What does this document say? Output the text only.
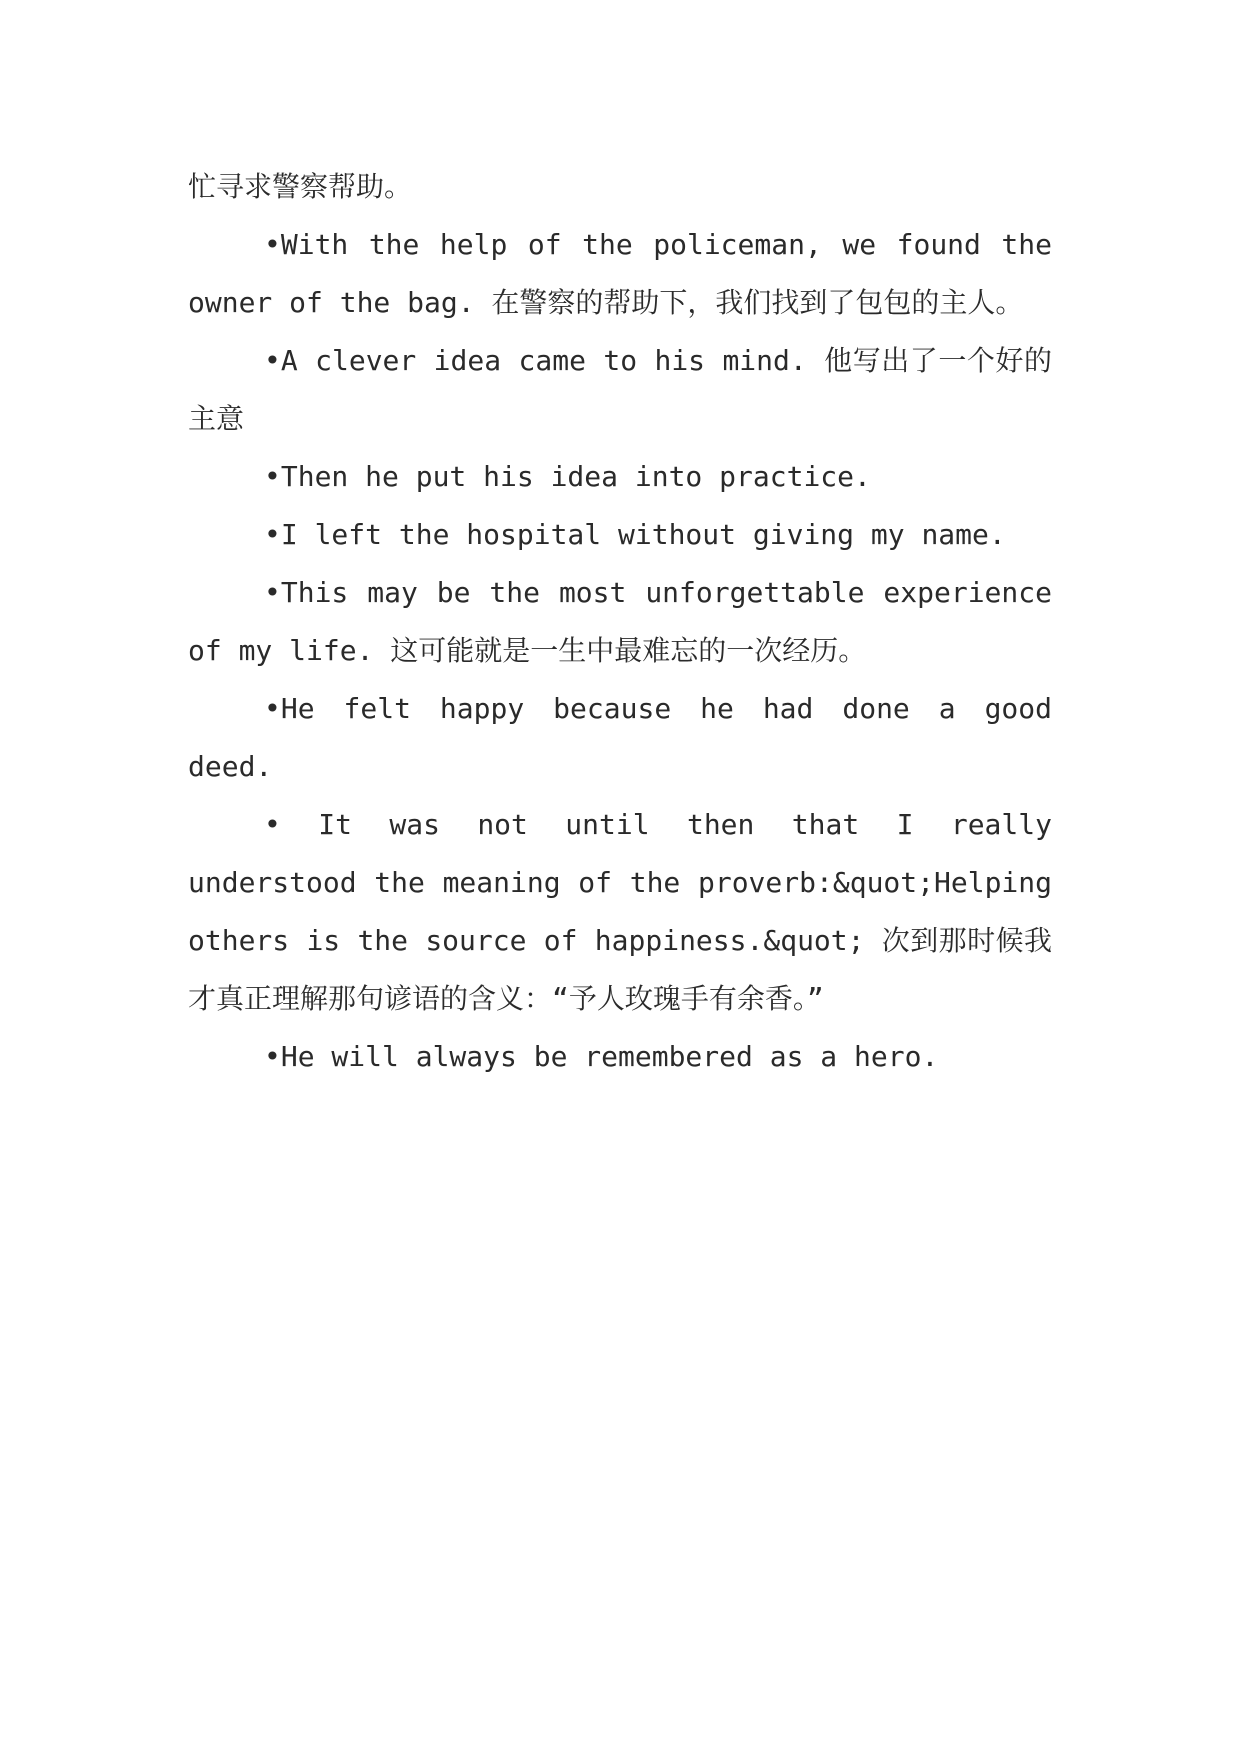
忙寻求警察帮助。

•With the help of the policeman, we found the owner of the bag. 在警察的帮助下，我们找到了包包的主人。

•A clever idea came to his mind. 他写出了一个好的主意

•Then he put his idea into practice.

•I left the hospital without giving my name.

•This may be the most unforgettable experience of my life. 这可能就是一生中最难忘的一次经历。

•He felt happy because he had done a good deed.

• It was not until then that I really understood the meaning of the proverb:&quot;Helping others is the source of happiness.&quot; 次到那时候我才真正理解那句谚语的含义：“予人玫瑰手有余香。”

•He will always be remembered as a hero.
